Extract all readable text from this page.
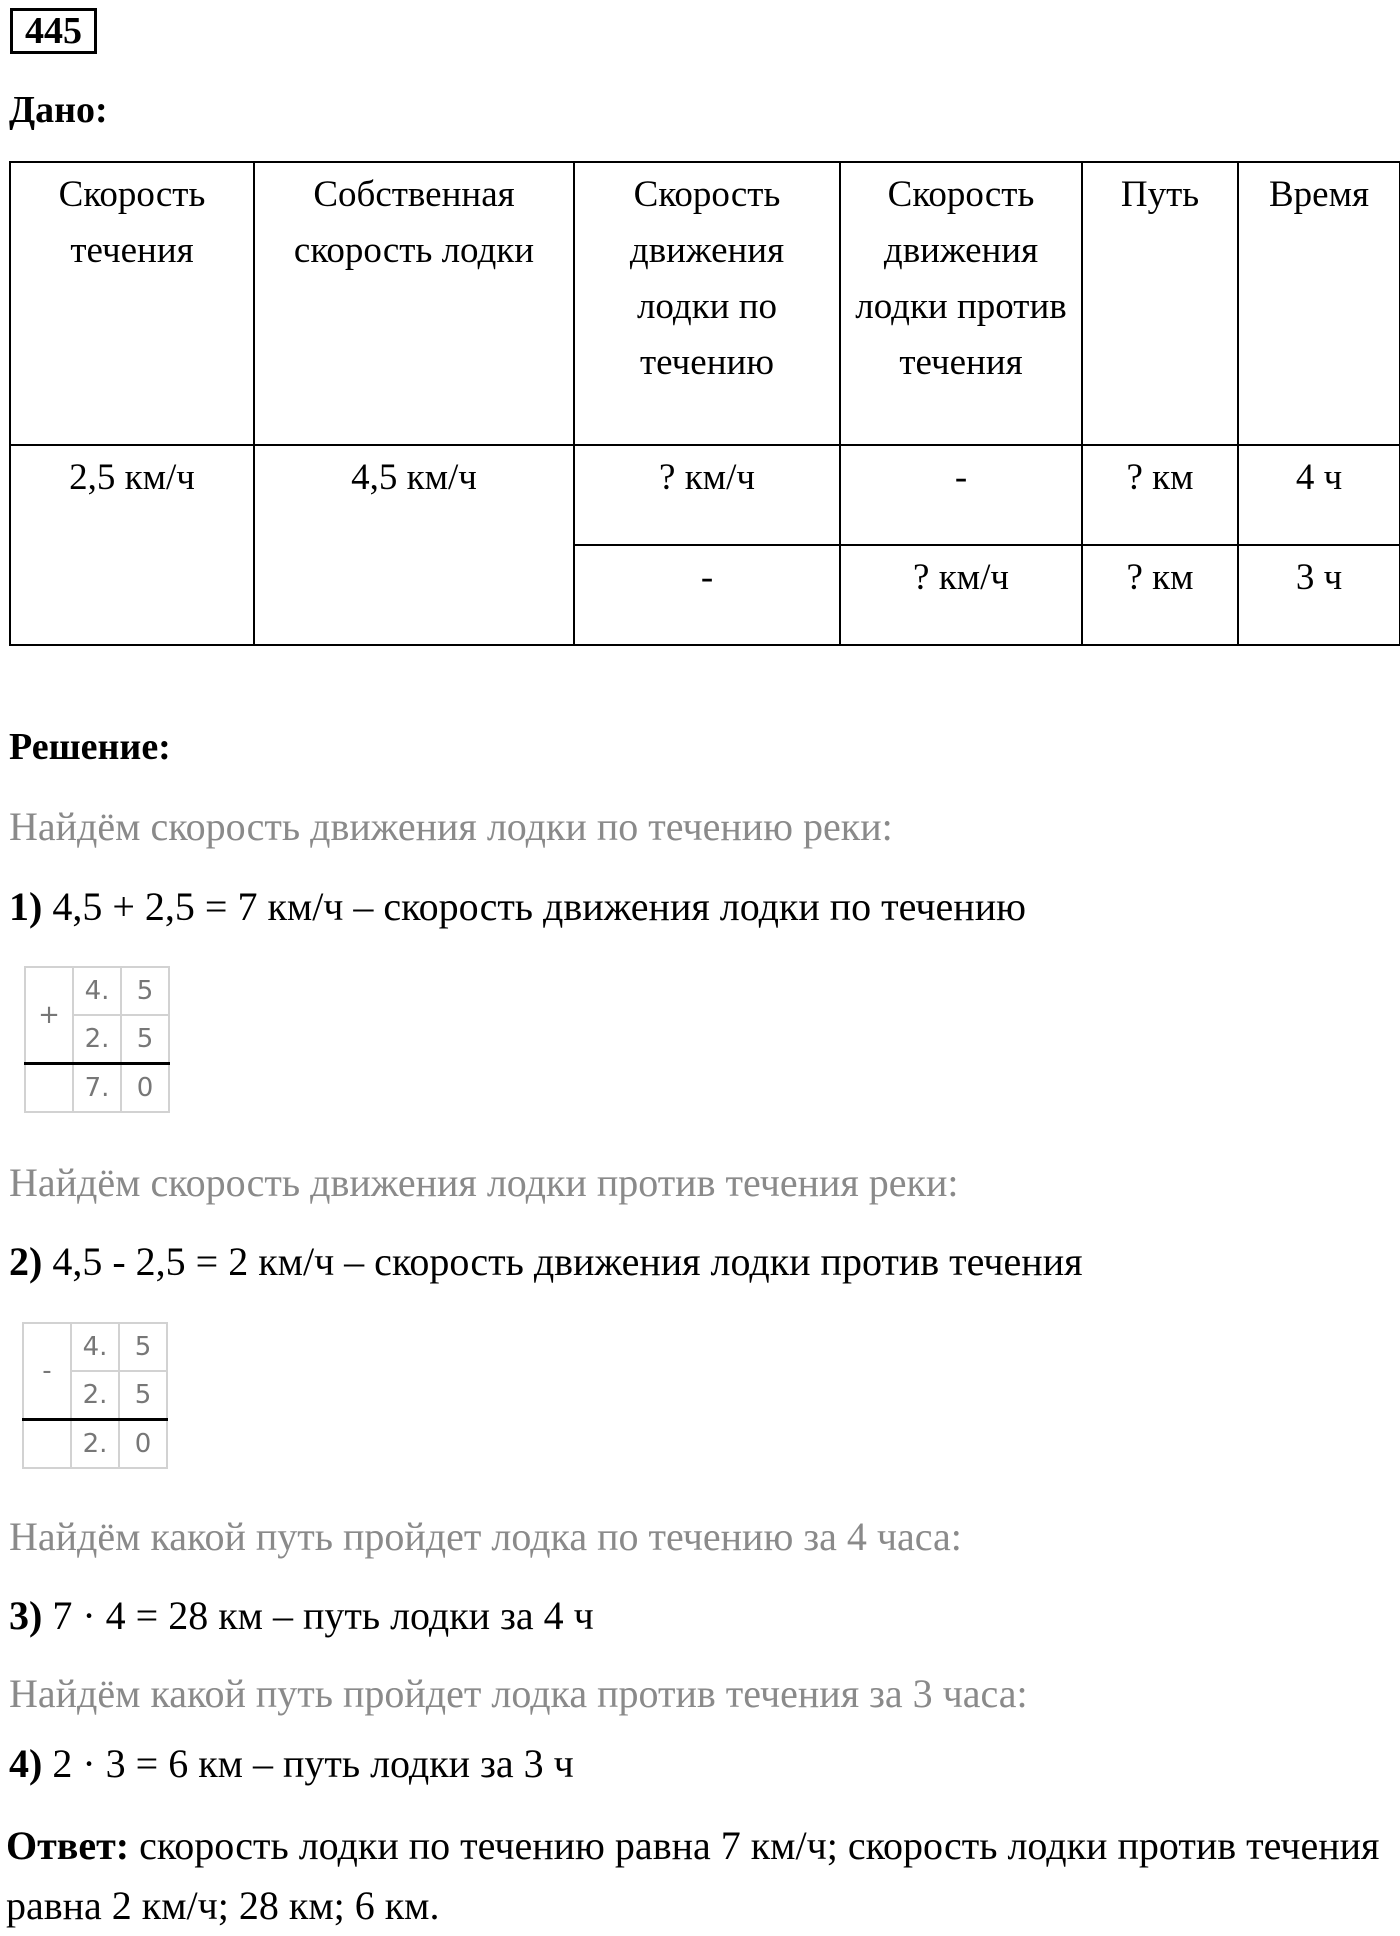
445
Дано:
Скорость течения	Собственная скорость лодки	Скорость движения лодки по течению	Скорость движения лодки против течения	Путь	Время
2,5 км/ч	4,5 км/ч	? км/ч	-	? км	4 ч
		-	? км/ч	? км	3 ч
Решение:
Найдём скорость движения лодки по течению реки:
1) 4,5 + 2,5 = 7 км/ч – скорость движения лодки по течению
+	4.	5
	2.	5
	7.	0
Найдём скорость движения лодки против течения реки:
2) 4,5 - 2,5 = 2 км/ч – скорость движения лодки против течения
-	4.	5
	2.	5
	2.	0
Найдём какой путь пройдет лодка по течению за 4 часа:
3) 7 · 4 = 28 км – путь лодки за 4 ч
Найдём какой путь пройдет лодка против течения за 3 часа:
4) 2 · 3 = 6 км – путь лодки за 3 ч
Ответ: скорость лодки по течению равна 7 км/ч; скорость лодки против течения равна 2 км/ч; 28 км; 6 км.
